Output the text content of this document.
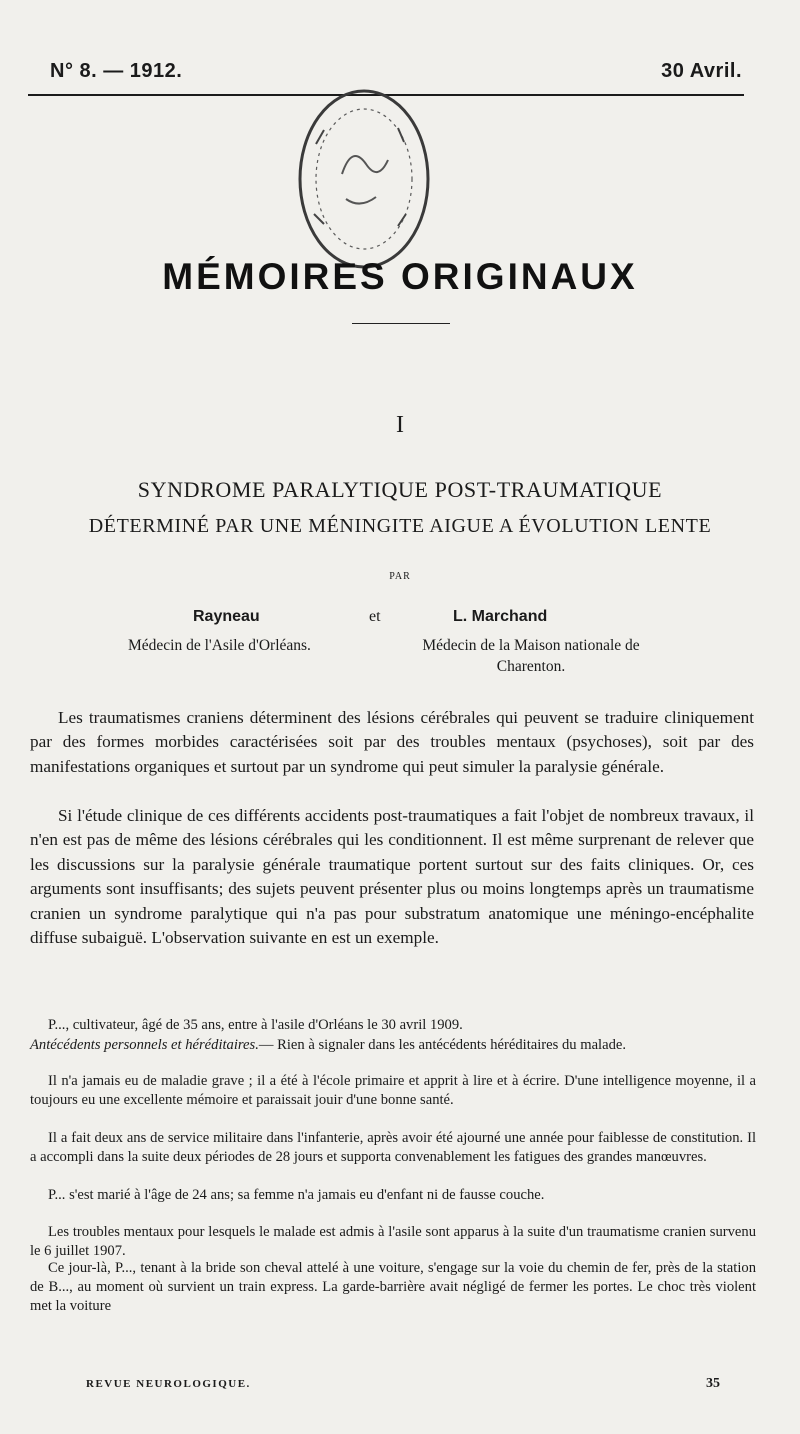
N° 8. — 1912.	30 Avril.
MÉMOIRES ORIGINAUX
I
SYNDROME PARALYTIQUE POST-TRAUMATIQUE
DÉTERMINÉ PAR UNE MÉNINGITE AIGUE A ÉVOLUTION LENTE
PAR
Rayneau	et	L. Marchand
Médecin de l'Asile d'Orléans.	Médecin de la Maison nationale de Charenton.
Les traumatismes craniens déterminent des lésions cérébrales qui peuvent se traduire cliniquement par des formes morbides caractérisées soit par des troubles mentaux (psychoses), soit par des manifestations organiques et surtout par un syndrome qui peut simuler la paralysie générale.
Si l'étude clinique de ces différents accidents post-traumatiques a fait l'objet de nombreux travaux, il n'en est pas de même des lésions cérébrales qui les conditionnent. Il est même surprenant de relever que les discussions sur la paralysie générale traumatique portent surtout sur des faits cliniques. Or, ces arguments sont insuffisants; des sujets peuvent présenter plus ou moins longtemps après un traumatisme cranien un syndrome paralytique qui n'a pas pour substratum anatomique une méningo-encéphalite diffuse subaiguë. L'observation suivante en est un exemple.
P..., cultivateur, âgé de 35 ans, entre à l'asile d'Orléans le 30 avril 1909.
Antécédents personnels et héréditaires.— Rien à signaler dans les antécédents héréditaires du malade.
Il n'a jamais eu de maladie grave ; il a été à l'école primaire et apprit à lire et à écrire. D'une intelligence moyenne, il a toujours eu une excellente mémoire et paraissait jouir d'une bonne santé.
Il a fait deux ans de service militaire dans l'infanterie, après avoir été ajourné une année pour faiblesse de constitution. Il a accompli dans la suite deux périodes de 28 jours et supporta convenablement les fatigues des grandes manœuvres.
P... s'est marié à l'âge de 24 ans; sa femme n'a jamais eu d'enfant ni de fausse couche.
Les troubles mentaux pour lesquels le malade est admis à l'asile sont apparus à la suite d'un traumatisme cranien survenu le 6 juillet 1907.
Ce jour-là, P..., tenant à la bride son cheval attelé à une voiture, s'engage sur la voie du chemin de fer, près de la station de B..., au moment où survient un train express. La garde-barrière avait négligé de fermer les portes. Le choc très violent met la voiture
REVUE NEUROLOGIQUE.	35
